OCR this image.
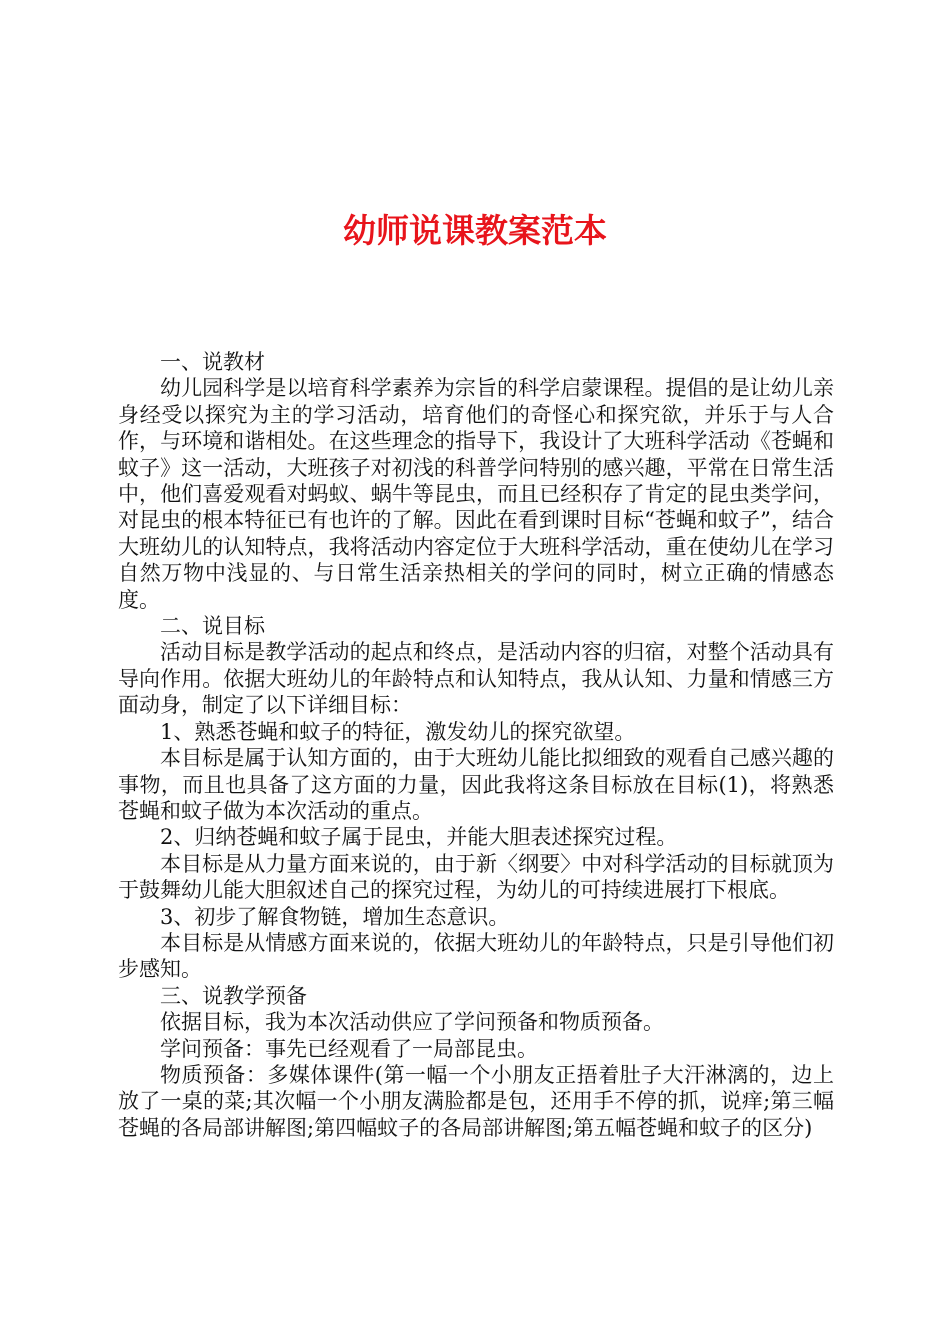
幼师说课教案范本

一、说教材

幼儿园科学是以培育科学素养为宗旨的科学启蒙课程。提倡的是让幼儿亲身经受以探究为主的学习活动，培育他们的奇怪心和探究欲，并乐于与人合作，与环境和谐相处。在这些理念的指导下，我设计了大班科学活动《苍蝇和蚊子》这一活动，大班孩子对初浅的科普学问特别的感兴趣，平常在日常生活中，他们喜爱观看对蚂蚁、蜗牛等昆虫，而且已经积存了肯定的昆虫类学问，对昆虫的根本特征已有也许的了解。因此在看到课时目标“苍蝇和蚊子”，结合大班幼儿的认知特点，我将活动内容定位于大班科学活动，重在使幼儿在学习自然万物中浅显的、与日常生活亲热相关的学问的同时，树立正确的情感态度。

二、说目标

活动目标是教学活动的起点和终点，是活动内容的归宿，对整个活动具有导向作用。依据大班幼儿的年龄特点和认知特点，我从认知、力量和情感三方面动身，制定了以下详细目标：

1、熟悉苍蝇和蚊子的特征，激发幼儿的探究欲望。

本目标是属于认知方面的，由于大班幼儿能比拟细致的观看自己感兴趣的事物，而且也具备了这方面的力量，因此我将这条目标放在目标(1)，将熟悉苍蝇和蚊子做为本次活动的重点。

2、归纳苍蝇和蚊子属于昆虫，并能大胆表述探究过程。

本目标是从力量方面来说的，由于新〈纲要〉中对科学活动的目标就顶为于鼓舞幼儿能大胆叙述自己的探究过程，为幼儿的可持续进展打下根底。

3、初步了解食物链，增加生态意识。

本目标是从情感方面来说的，依据大班幼儿的年龄特点，只是引导他们初步感知。

三、说教学预备

依据目标，我为本次活动供应了学问预备和物质预备。

学问预备：事先已经观看了一局部昆虫。

物质预备：多媒体课件(第一幅一个小朋友正捂着肚子大汗淋漓的，边上放了一桌的菜;其次幅一个小朋友满脸都是包，还用手不停的抓，说痒;第三幅苍蝇的各局部讲解图;第四幅蚊子的各局部讲解图;第五幅苍蝇和蚊子的区分)
